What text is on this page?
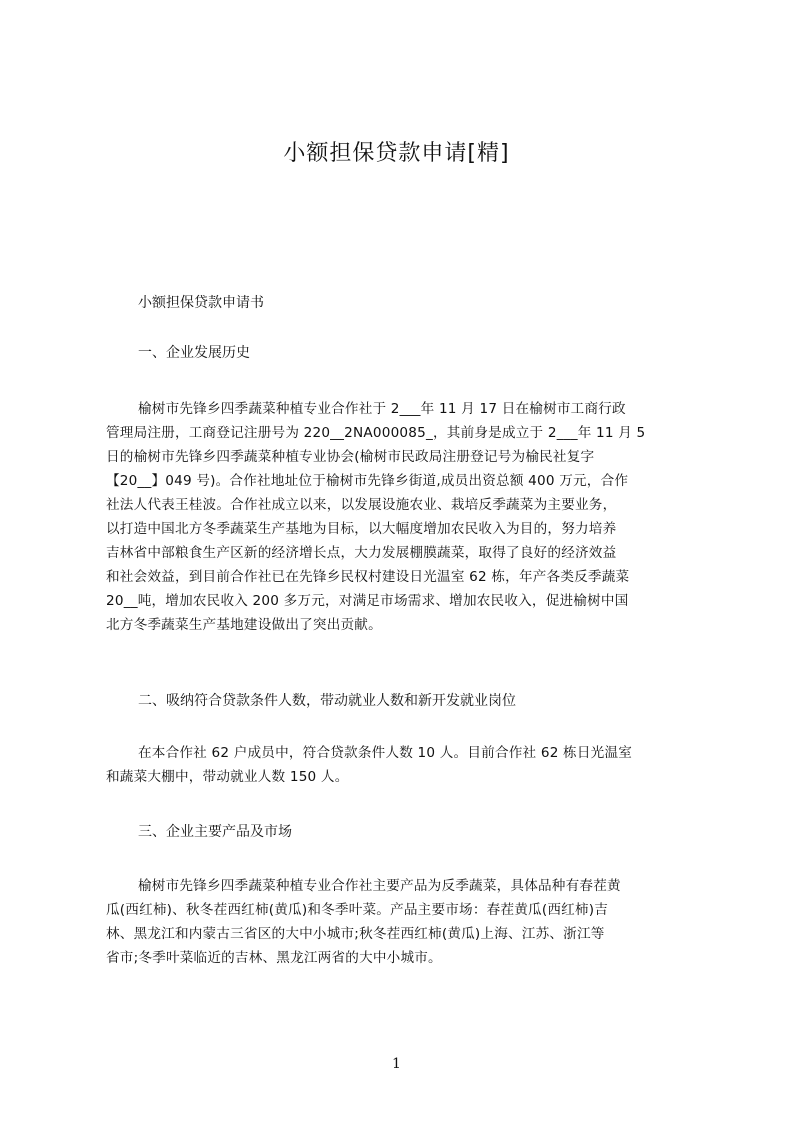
小额担保贷款申请[精]
小额担保贷款申请书
一、企业发展历史
榆树市先锋乡四季蔬菜种植专业合作社于 2___年 11 月 17 日在榆树市工商行政
管理局注册，工商登记注册号为 220__2NA000085_，其前身是成立于 2___年 11 月 5
日的榆树市先锋乡四季蔬菜种植专业协会(榆树市民政局注册登记号为榆民社复字
【20__】049 号)。合作社地址位于榆树市先锋乡街道,成员出资总额 400 万元，合作
社法人代表王桂波。合作社成立以来，以发展设施农业、栽培反季蔬菜为主要业务，
以打造中国北方冬季蔬菜生产基地为目标，以大幅度增加农民收入为目的，努力培养
吉林省中部粮食生产区新的经济增长点，大力发展棚膜蔬菜，取得了良好的经济效益
和社会效益，到目前合作社已在先锋乡民权村建设日光温室 62 栋，年产各类反季蔬菜
20__吨，增加农民收入 200 多万元，对满足市场需求、增加农民收入，促进榆树中国
北方冬季蔬菜生产基地建设做出了突出贡献。
二、吸纳符合贷款条件人数，带动就业人数和新开发就业岗位
在本合作社 62 户成员中，符合贷款条件人数 10 人。目前合作社 62 栋日光温室
和蔬菜大棚中，带动就业人数 150 人。
三、企业主要产品及市场
榆树市先锋乡四季蔬菜种植专业合作社主要产品为反季蔬菜，具体品种有春茬黄
瓜(西红柿)、秋冬茬西红柿(黄瓜)和冬季叶菜。产品主要市场：春茬黄瓜(西红柿)吉
林、黑龙江和内蒙古三省区的大中小城市;秋冬茬西红柿(黄瓜)上海、江苏、浙江等
省市;冬季叶菜临近的吉林、黑龙江两省的大中小城市。
1
